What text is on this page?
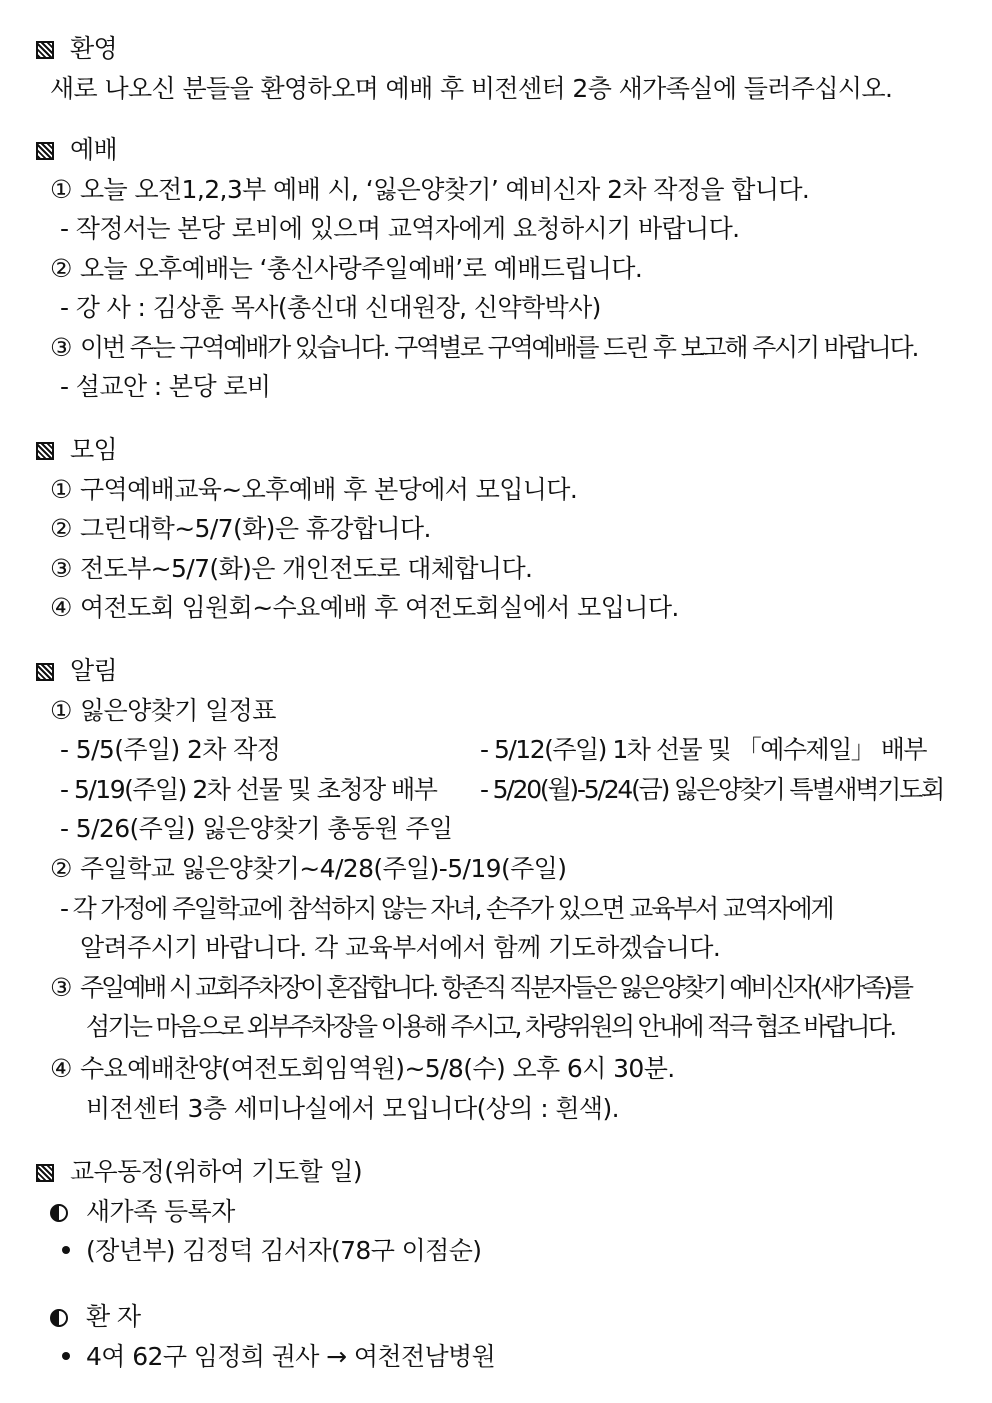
환영
새로 나오신 분들을 환영하오며 예배 후 비전센터 2층 새가족실에 들러주십시오.
예배
① 오늘 오전1,2,3부 예배 시, ‘잃은양찾기’ 예비신자 2차 작정을 합니다.
- 작정서는 본당 로비에 있으며 교역자에게 요청하시기 바랍니다.
② 오늘 오후예배는 ‘총신사랑주일예배’로 예배드립니다.
- 강 사 : 김상훈 목사(총신대 신대원장, 신약학박사)
③ 이번 주는 구역예배가 있습니다. 구역별로 구역예배를 드린 후 보고해 주시기 바랍니다.
- 설교안 : 본당 로비
모임
① 구역예배교육~오후예배 후 본당에서 모입니다.
② 그린대학~5/7(화)은 휴강합니다.
③ 전도부~5/7(화)은 개인전도로 대체합니다.
④ 여전도회 임원회~수요예배 후 여전도회실에서 모입니다.
알림
① 잃은양찾기 일정표
- 5/5(주일) 2차 작정	- 5/12(주일) 1차 선물 및 「예수제일」 배부
- 5/19(주일) 2차 선물 및 초청장 배부 - 5/20(월)-5/24(금) 잃은양찾기 특별새벽기도회
- 5/26(주일) 잃은양찾기 총동원 주일
② 주일학교 잃은양찾기~4/28(주일)-5/19(주일)
- 각 가정에 주일학교에 참석하지 않는 자녀, 손주가 있으면 교육부서 교역자에게
알려주시기 바랍니다. 각 교육부서에서 함께 기도하겠습니다.
③ 주일예배 시 교회주차장이 혼잡합니다. 항존직 직분자들은 잃은양찾기 예비신자(새가족)를
섬기는 마음으로 외부주차장을 이용해 주시고, 차량위원의 안내에 적극 협조 바랍니다.
④ 수요예배찬양(여전도회임역원)~5/8(수) 오후 6시 30분.
비전센터 3층 세미나실에서 모입니다(상의 : 흰색).
교우동정(위하여 기도할 일)
새가족 등록자
(장년부) 김정덕 김서자(78구 이점순)
환 자
4여 62구 임정희 권사 → 여천전남병원
